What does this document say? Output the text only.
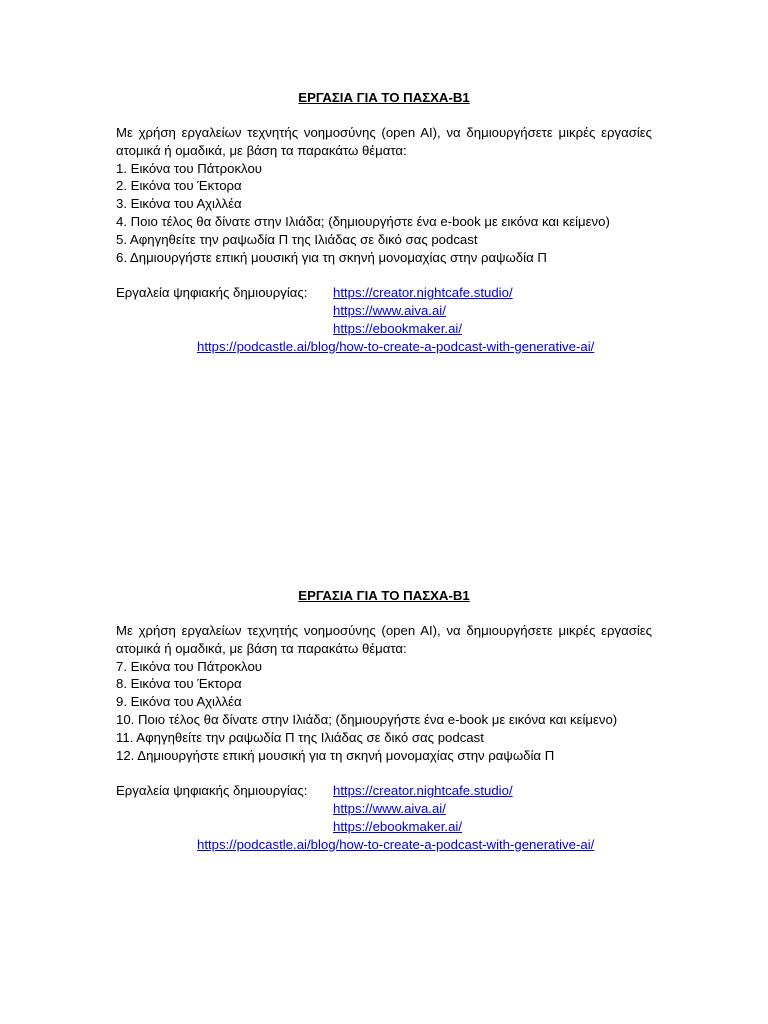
ΕΡΓΑΣΙΑ ΓΙΑ ΤΟ ΠΑΣΧΑ-Β1

Με χρήση εργαλείων τεχνητής νοημοσύνης (open AI), να δημιουργήσετε μικρές εργασίες ατομικά ή ομαδικά, με βάση τα παρακάτω θέματα:

1. Εικόνα του Πάτροκλου
2. Εικόνα του Έκτορα
3. Εικόνα του Αχιλλέα
4. Ποιο τέλος θα δίνατε στην Ιλιάδα; (δημιουργήστε ένα e-book με εικόνα και κείμενο)
5. Αφηγηθείτε την ραψωδία Π της Ιλιάδας σε δικό σας podcast
6. Δημιουργήστε επική μουσική για τη σκηνή μονομαχίας στην ραψωδία Π
Εργαλεία ψηφιακής δημιουργίας: https://creator.nightcafe.studio/
https://www.aiva.ai/
https://ebookmaker.ai/
https://podcastle.ai/blog/how-to-create-a-podcast-with-generative-ai/

ΕΡΓΑΣΙΑ ΓΙΑ ΤΟ ΠΑΣΧΑ-Β1

Με χρήση εργαλείων τεχνητής νοημοσύνης (open AI), να δημιουργήσετε μικρές εργασίες ατομικά ή ομαδικά, με βάση τα παρακάτω θέματα:

7. Εικόνα του Πάτροκλου
8. Εικόνα του Έκτορα
9. Εικόνα του Αχιλλέα
10. Ποιο τέλος θα δίνατε στην Ιλιάδα; (δημιουργήστε ένα e-book με εικόνα και κείμενο)
11. Αφηγηθείτε την ραψωδία Π της Ιλιάδας σε δικό σας podcast
12. Δημιουργήστε επική μουσική για τη σκηνή μονομαχίας στην ραψωδία Π
Εργαλεία ψηφιακής δημιουργίας: https://creator.nightcafe.studio/
https://www.aiva.ai/
https://ebookmaker.ai/
https://podcastle.ai/blog/how-to-create-a-podcast-with-generative-ai/
